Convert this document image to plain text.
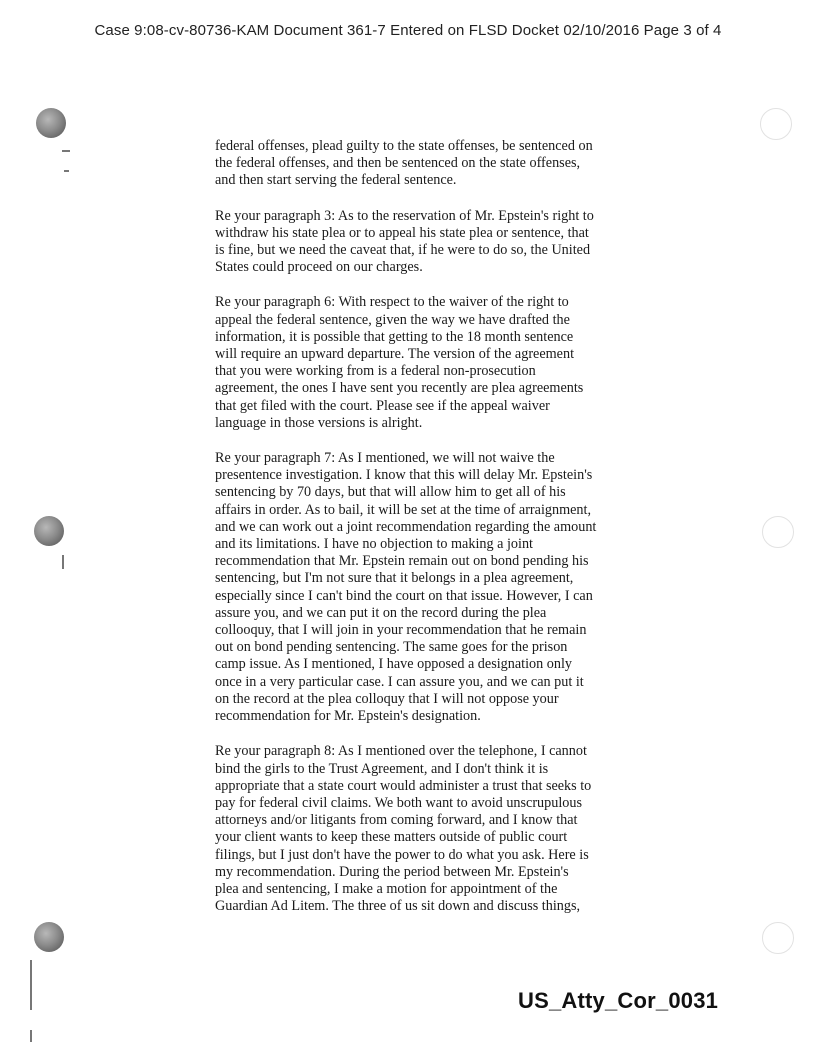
Case 9:08-cv-80736-KAM Document 361-7 Entered on FLSD Docket 02/10/2016 Page 3 of 4
federal offenses, plead guilty to the state offenses, be sentenced on
the federal offenses, and then be sentenced on the state offenses,
and then start serving the federal sentence.
Re your paragraph 3: As to the reservation of Mr. Epstein's right to
withdraw his state plea or to appeal his state plea or sentence, that
is fine, but we need the caveat that, if he were to do so, the United
States could proceed on our charges.
Re your paragraph 6: With respect to the waiver of the right to
appeal the federal sentence, given the way we have drafted the
information, it is possible that getting to the 18 month sentence
will require an upward departure. The version of the agreement
that you were working from is a federal non-prosecution
agreement, the ones I have sent you recently are plea agreements
that get filed with the court. Please see if the appeal waiver
language in those versions is alright.
Re your paragraph 7: As I mentioned, we will not waive the
presentence investigation. I know that this will delay Mr. Epstein's
sentencing by 70 days, but that will allow him to get all of his
affairs in order. As to bail, it will be set at the time of arraignment,
and we can work out a joint recommendation regarding the amount
and its limitations. I have no objection to making a joint
recommendation that Mr. Epstein remain out on bond pending his
sentencing, but I'm not sure that it belongs in a plea agreement,
especially since I can't bind the court on that issue. However, I can
assure you, and we can put it on the record during the plea
collooquy, that I will join in your recommendation that he remain
out on bond pending sentencing. The same goes for the prison
camp issue. As I mentioned, I have opposed a designation only
once in a very particular case. I can assure you, and we can put it
on the record at the plea colloquy that I will not oppose your
recommendation for Mr. Epstein's designation.
Re your paragraph 8: As I mentioned over the telephone, I cannot
bind the girls to the Trust Agreement, and I don't think it is
appropriate that a state court would administer a trust that seeks to
pay for federal civil claims. We both want to avoid unscrupulous
attorneys and/or litigants from coming forward, and I know that
your client wants to keep these matters outside of public court
filings, but I just don't have the power to do what you ask. Here is
my recommendation. During the period between Mr. Epstein's
plea and sentencing, I make a motion for appointment of the
Guardian Ad Litem. The three of us sit down and discuss things,
US_Atty_Cor_0031
